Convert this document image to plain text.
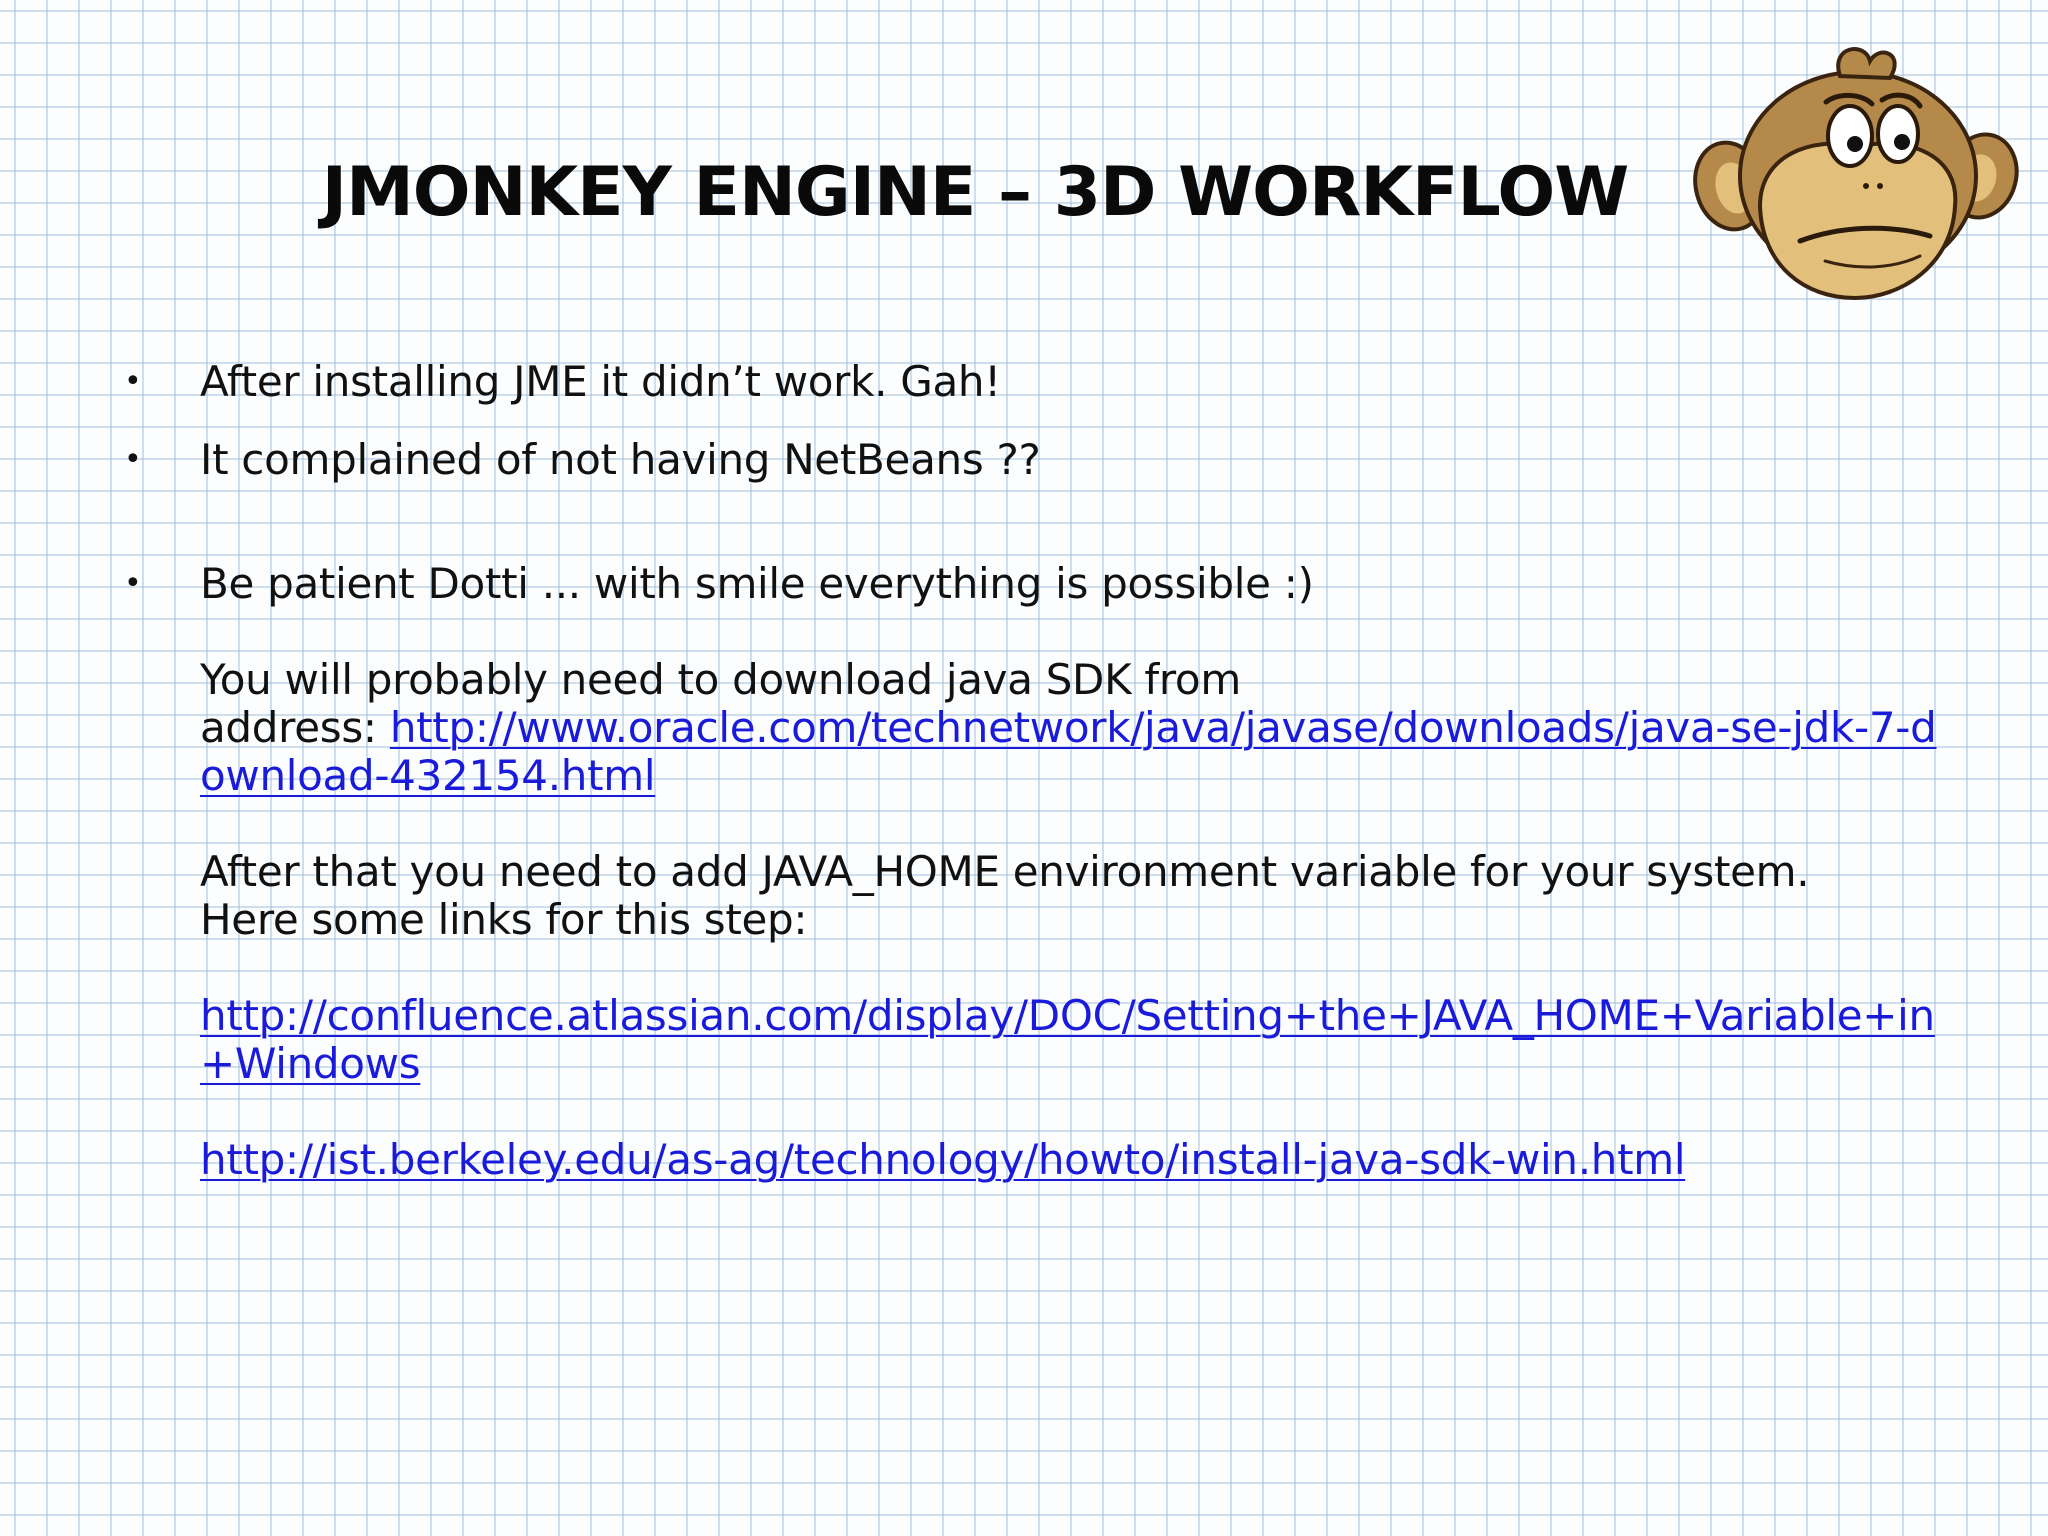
JMONKEY ENGINE – 3D WORKFLOW
• After installing JME it didn’t work. Gah!
• It complained of not having NetBeans ??
• Be patient Dotti ... with smile everything is possible :)
You will probably need to download java SDK from
address: http://www.oracle.com/technetwork/java/javase/downloads/java-se-jdk-7-download-432154.html
After that you need to add JAVA_HOME environment variable for your system.
Here some links for this step:
http://confluence.atlassian.com/display/DOC/Setting+the+JAVA_HOME+Variable+in+Windows
http://ist.berkeley.edu/as-ag/technology/howto/install-java-sdk-win.html
